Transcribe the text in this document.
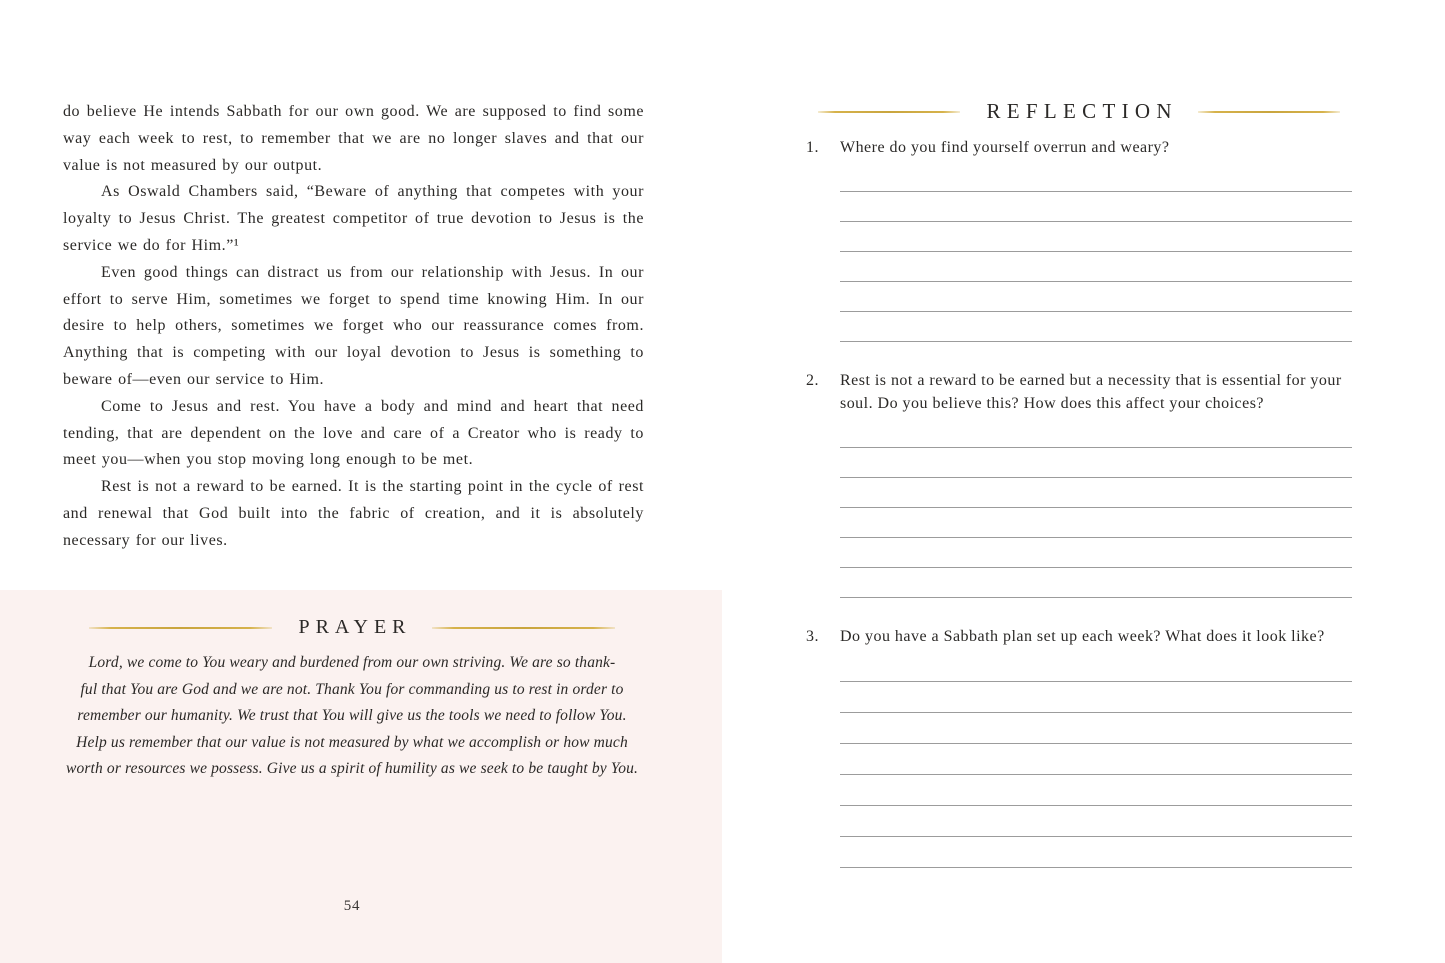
do believe He intends Sabbath for our own good. We are supposed to find some way each week to rest, to remember that we are no longer slaves and that our value is not measured by our output.

As Oswald Chambers said, “Beware of anything that competes with your loyalty to Jesus Christ. The greatest competitor of true devotion to Jesus is the service we do for Him.”¹

Even good things can distract us from our relationship with Jesus. In our effort to serve Him, sometimes we forget to spend time knowing Him. In our desire to help others, sometimes we forget who our reassurance comes from. Anything that is competing with our loyal devotion to Jesus is something to beware of—even our service to Him.

Come to Jesus and rest. You have a body and mind and heart that need tending, that are dependent on the love and care of a Creator who is ready to meet you—when you stop moving long enough to be met.

Rest is not a reward to be earned. It is the starting point in the cycle of rest and renewal that God built into the fabric of creation, and it is absolutely necessary for our lives.

PRAYER
Lord, we come to You weary and burdened from our own striving. We are so thank-
ful that You are God and we are not. Thank You for commanding us to rest in order to
remember our humanity. We trust that You will give us the tools we need to follow You.
Help us remember that our value is not measured by what we accomplish or how much
worth or resources we possess. Give us a spirit of humility as we seek to be taught by You.
54
REFLECTION
1.	Where do you find yourself overrun and weary?
2.	Rest is not a reward to be earned but a necessity that is essential for your soul. Do you believe this? How does this affect your choices?
3.	Do you have a Sabbath plan set up each week? What does it look like?
